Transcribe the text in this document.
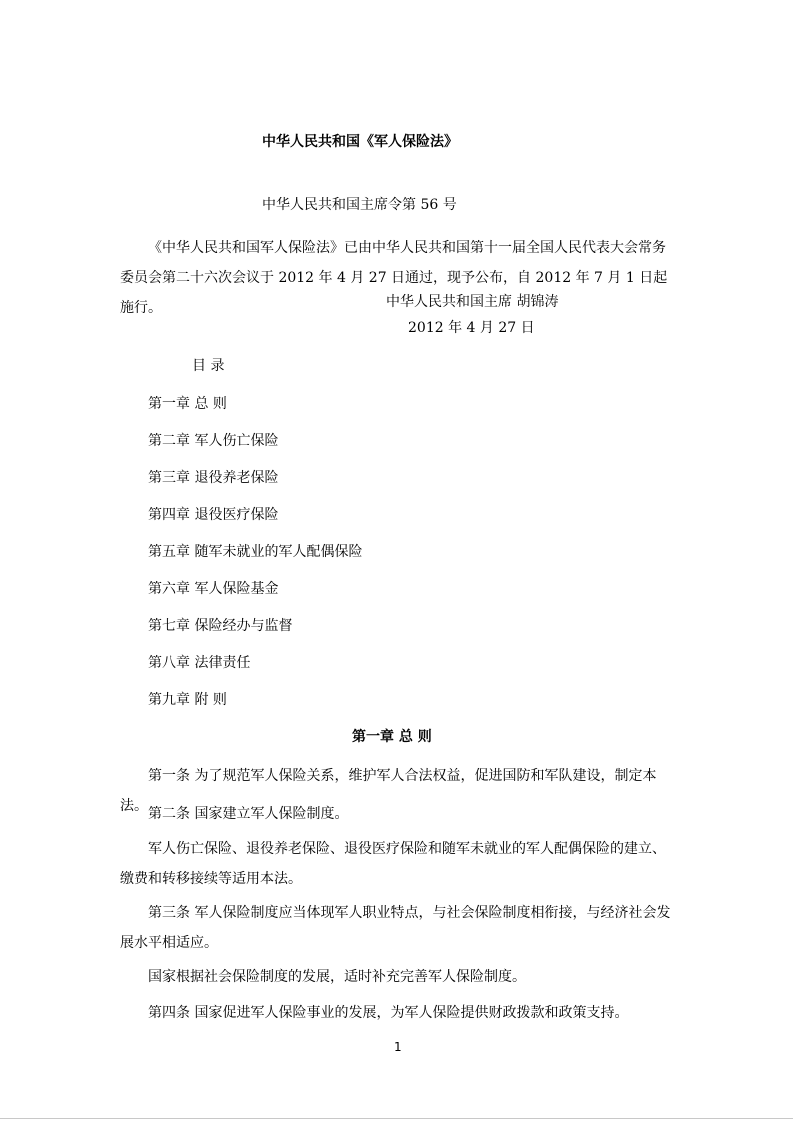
中华人民共和国《军人保险法》
中华人民共和国主席令第 56 号
《中华人民共和国军人保险法》已由中华人民共和国第十一届全国人民代表大会常务委员会第二十六次会议于 2012 年 4 月 27 日通过，现予公布，自 2012 年 7 月 1 日起施行。	中华人民共和国主席 胡锦涛
2012 年 4 月 27 日
目 录
第一章 总 则
第二章 军人伤亡保险
第三章 退役养老保险
第四章 退役医疗保险
第五章 随军未就业的军人配偶保险
第六章 军人保险基金
第七章 保险经办与监督
第八章 法律责任
第九章 附 则
第一章 总 则
第一条 为了规范军人保险关系，维护军人合法权益，促进国防和军队建设，制定本法。 第二条 国家建立军人保险制度。
军人伤亡保险、退役养老保险、退役医疗保险和随军未就业的军人配偶保险的建立、缴费和转移接续等适用本法。
第三条 军人保险制度应当体现军人职业特点，与社会保险制度相衔接，与经济社会发展水平相适应。
国家根据社会保险制度的发展，适时补充完善军人保险制度。
第四条 国家促进军人保险事业的发展，为军人保险提供财政拨款和政策支持。
1
